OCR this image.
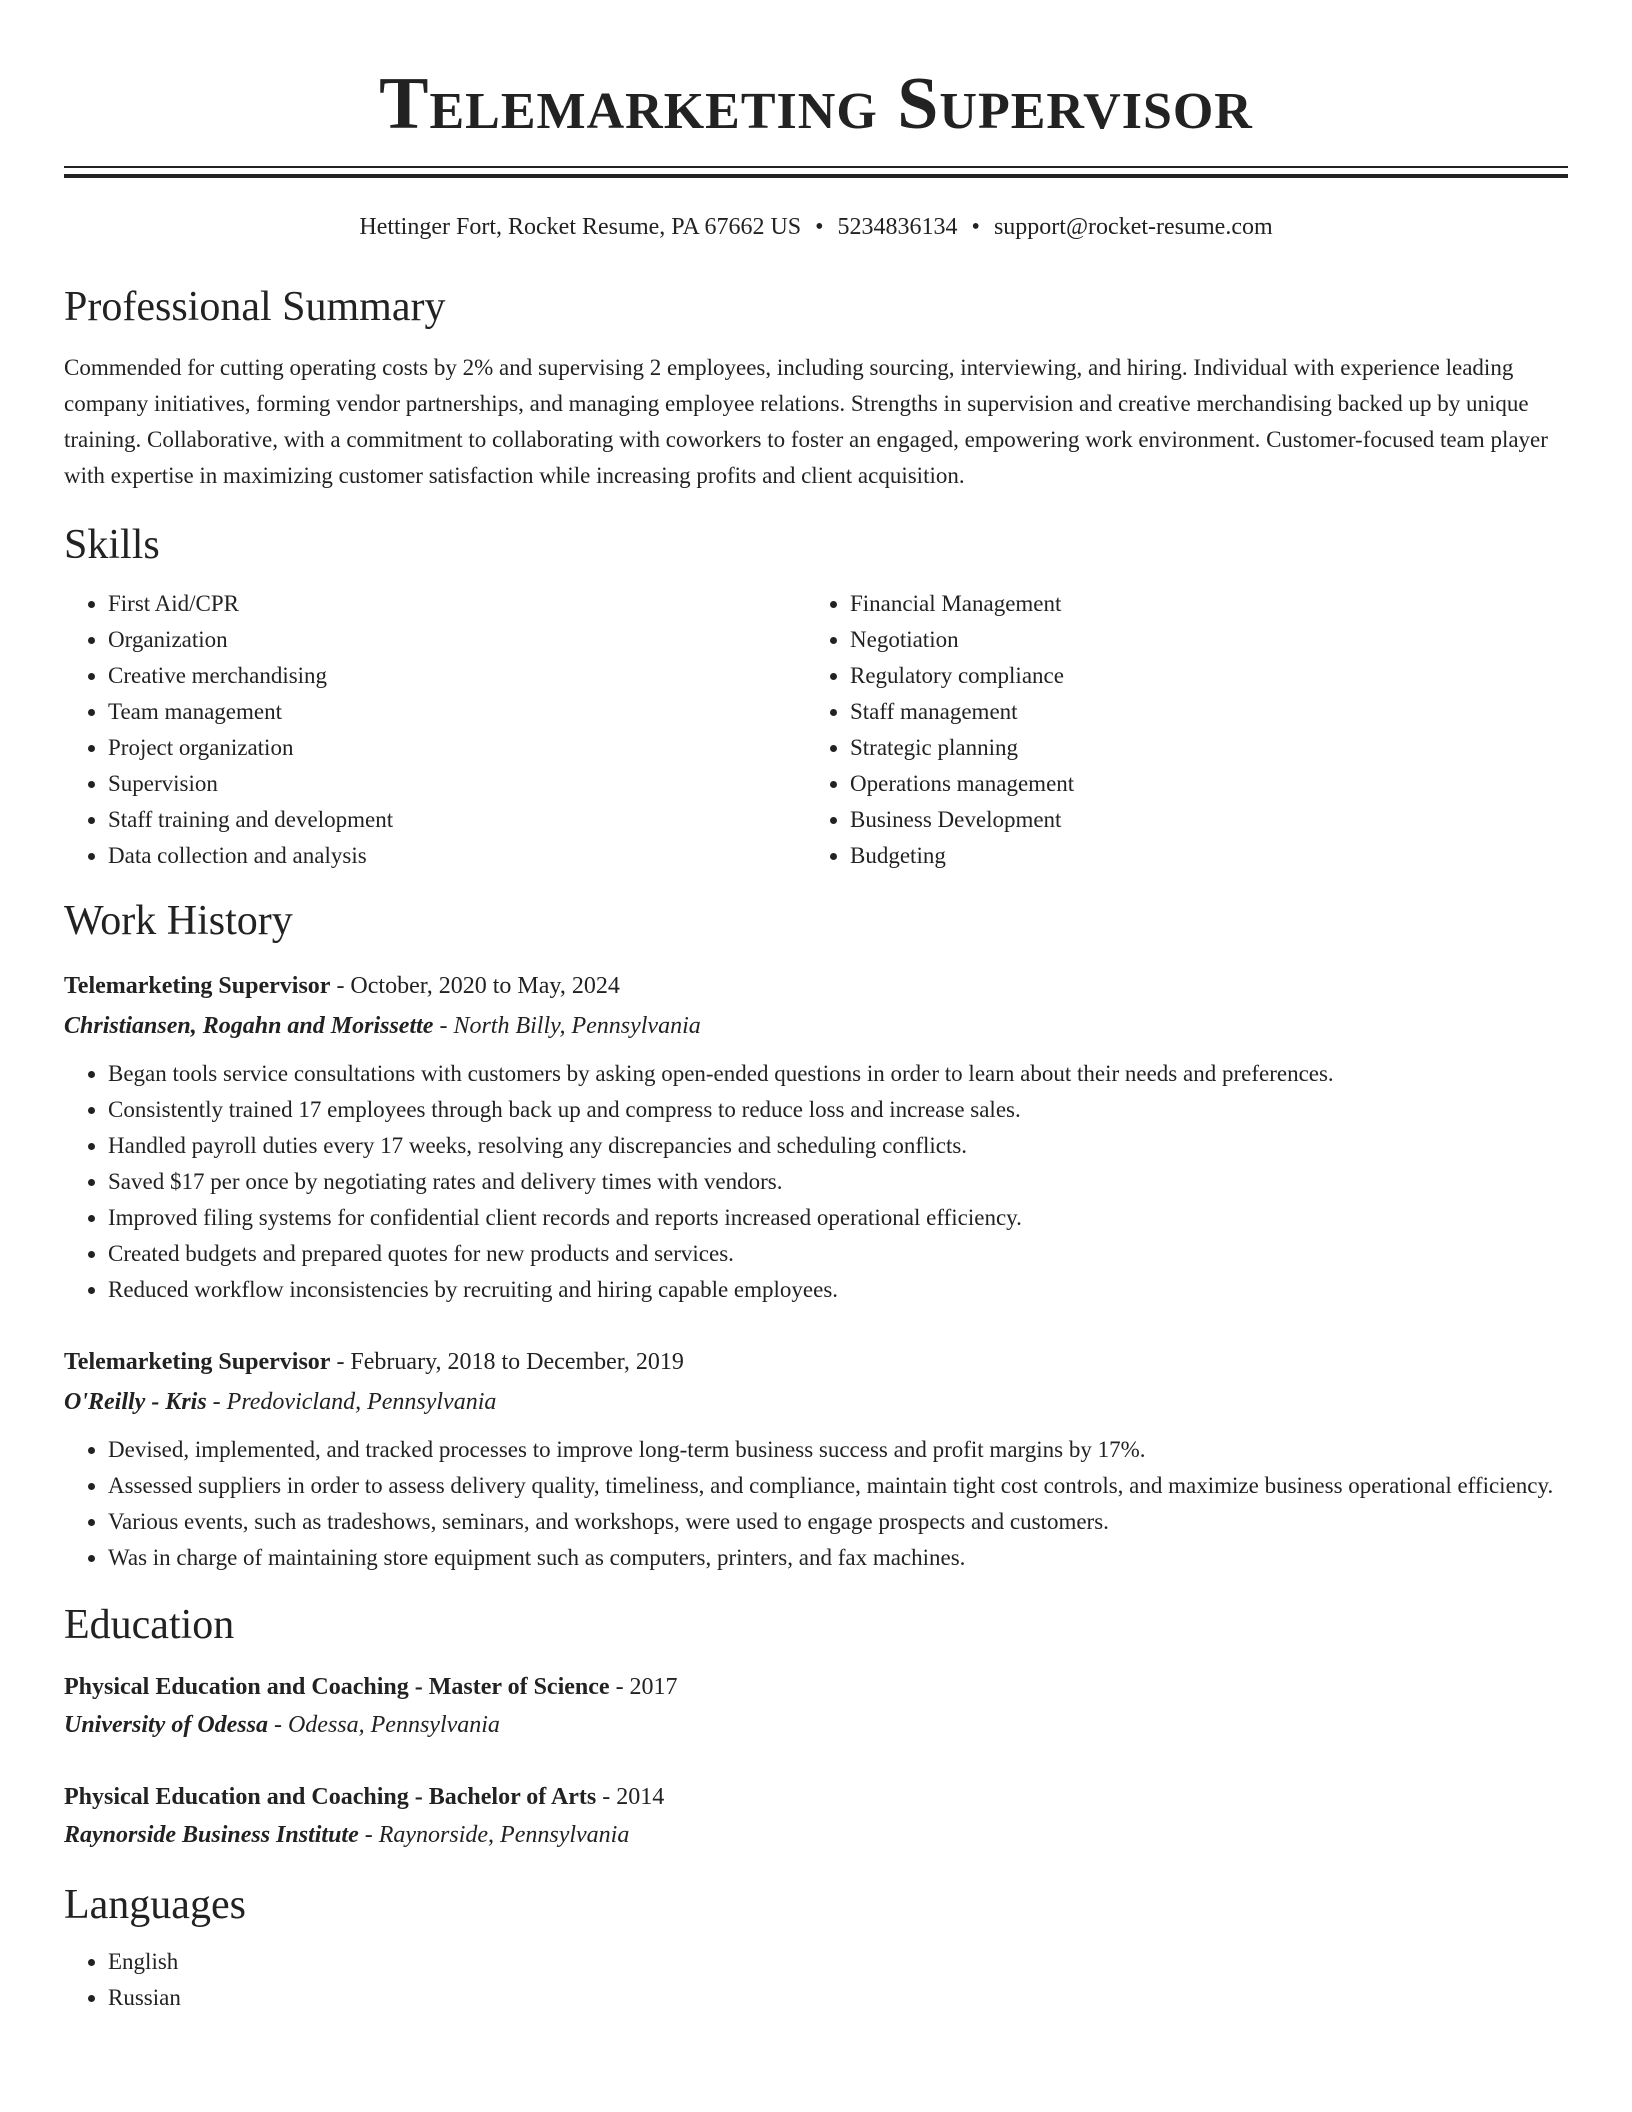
Telemarketing Supervisor
Hettinger Fort, Rocket Resume, PA 67662 US • 5234836134 • support@rocket-resume.com
Professional Summary
Commended for cutting operating costs by 2% and supervising 2 employees, including sourcing, interviewing, and hiring. Individual with experience leading company initiatives, forming vendor partnerships, and managing employee relations. Strengths in supervision and creative merchandising backed up by unique training. Collaborative, with a commitment to collaborating with coworkers to foster an engaged, empowering work environment. Customer-focused team player with expertise in maximizing customer satisfaction while increasing profits and client acquisition.
Skills
• First Aid/CPR
• Organization
• Creative merchandising
• Team management
• Project organization
• Supervision
• Staff training and development
• Data collection and analysis
• Financial Management
• Negotiation
• Regulatory compliance
• Staff management
• Strategic planning
• Operations management
• Business Development
• Budgeting
Work History
Telemarketing Supervisor - October, 2020 to May, 2024
Christiansen, Rogahn and Morissette - North Billy, Pennsylvania
• Began tools service consultations with customers by asking open-ended questions in order to learn about their needs and preferences.
• Consistently trained 17 employees through back up and compress to reduce loss and increase sales.
• Handled payroll duties every 17 weeks, resolving any discrepancies and scheduling conflicts.
• Saved $17 per once by negotiating rates and delivery times with vendors.
• Improved filing systems for confidential client records and reports increased operational efficiency.
• Created budgets and prepared quotes for new products and services.
• Reduced workflow inconsistencies by recruiting and hiring capable employees.
Telemarketing Supervisor - February, 2018 to December, 2019
O'Reilly - Kris - Predovicland, Pennsylvania
• Devised, implemented, and tracked processes to improve long-term business success and profit margins by 17%.
• Assessed suppliers in order to assess delivery quality, timeliness, and compliance, maintain tight cost controls, and maximize business operational efficiency.
• Various events, such as tradeshows, seminars, and workshops, were used to engage prospects and customers.
• Was in charge of maintaining store equipment such as computers, printers, and fax machines.
Education
Physical Education and Coaching - Master of Science - 2017
University of Odessa - Odessa, Pennsylvania
Physical Education and Coaching - Bachelor of Arts - 2014
Raynorside Business Institute - Raynorside, Pennsylvania
Languages
• English
• Russian
